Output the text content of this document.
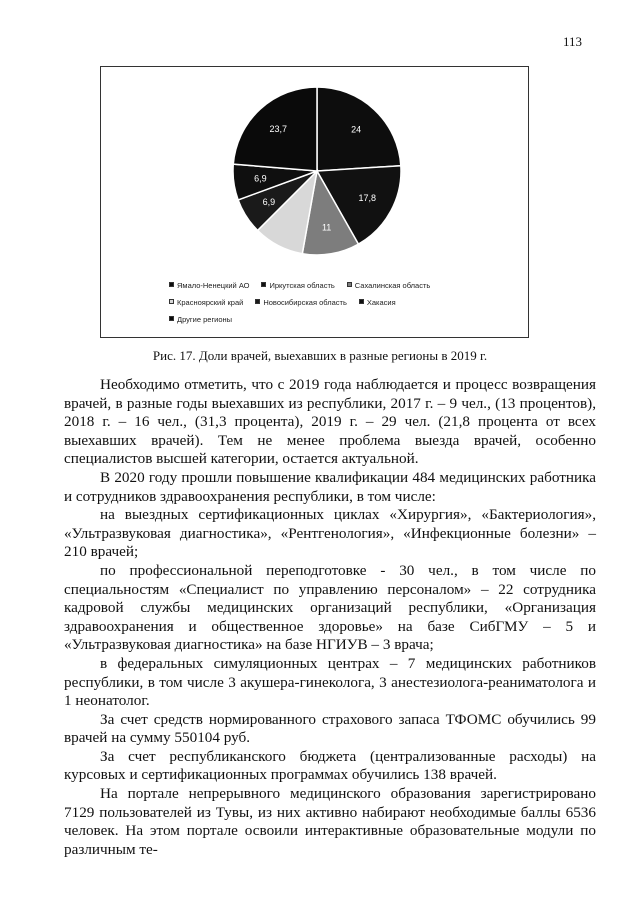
113
24
17,8
11
6,9
6,9
23,7
Ямало-Ненецкий АО	Иркутская область	Сахалинская область
Красноярский край	Новосибирская область	Хакасия
Другие регионы
Рис. 17. Доли врачей, выехавших в разные регионы в 2019 г.

Необходимо отметить, что с 2019 года наблюдается и процесс возвращения врачей, в разные годы выехавших из республики, 2017 г. – 9 чел., (13 процентов), 2018 г. – 16 чел., (31,3 процента), 2019 г. – 29 чел. (21,8 процента от всех выехавших врачей). Тем не менее проблема выезда врачей, особенно специалистов высшей категории, остается актуальной.

В 2020 году прошли повышение квалификации 484 медицинских работника и сотрудников здравоохранения республики, в том числе:

на выездных сертификационных циклах «Хирургия», «Бактериология», «Ультразвуковая диагностика», «Рентгенология», «Инфекционные болезни» – 210 врачей;

по профессиональной переподготовке - 30 чел., в том числе по специальностям «Специалист по управлению персоналом» – 22 сотрудника кадровой службы медицинских организаций республики, «Организация здравоохранения и общественное здоровье» на базе СибГМУ – 5 и «Ультразвуковая диагностика» на базе НГИУВ – 3 врача;

в федеральных симуляционных центрах – 7 медицинских работников республики, в том числе 3 акушера-гинеколога, 3 анестезиолога-реаниматолога и 1 неонатолог.

За счет средств нормированного страхового запаса ТФОМС обучились 99 врачей на сумму 550104 руб.

За счет республиканского бюджета (централизованные расходы) на курсовых и сертификационных программах обучились 138 врачей.

На портале непрерывного медицинского образования зарегистрировано 7129 пользователей из Тувы, из них активно набирают необходимые баллы 6536 человек. На этом портале освоили интерактивные образовательные модули по различным те-
